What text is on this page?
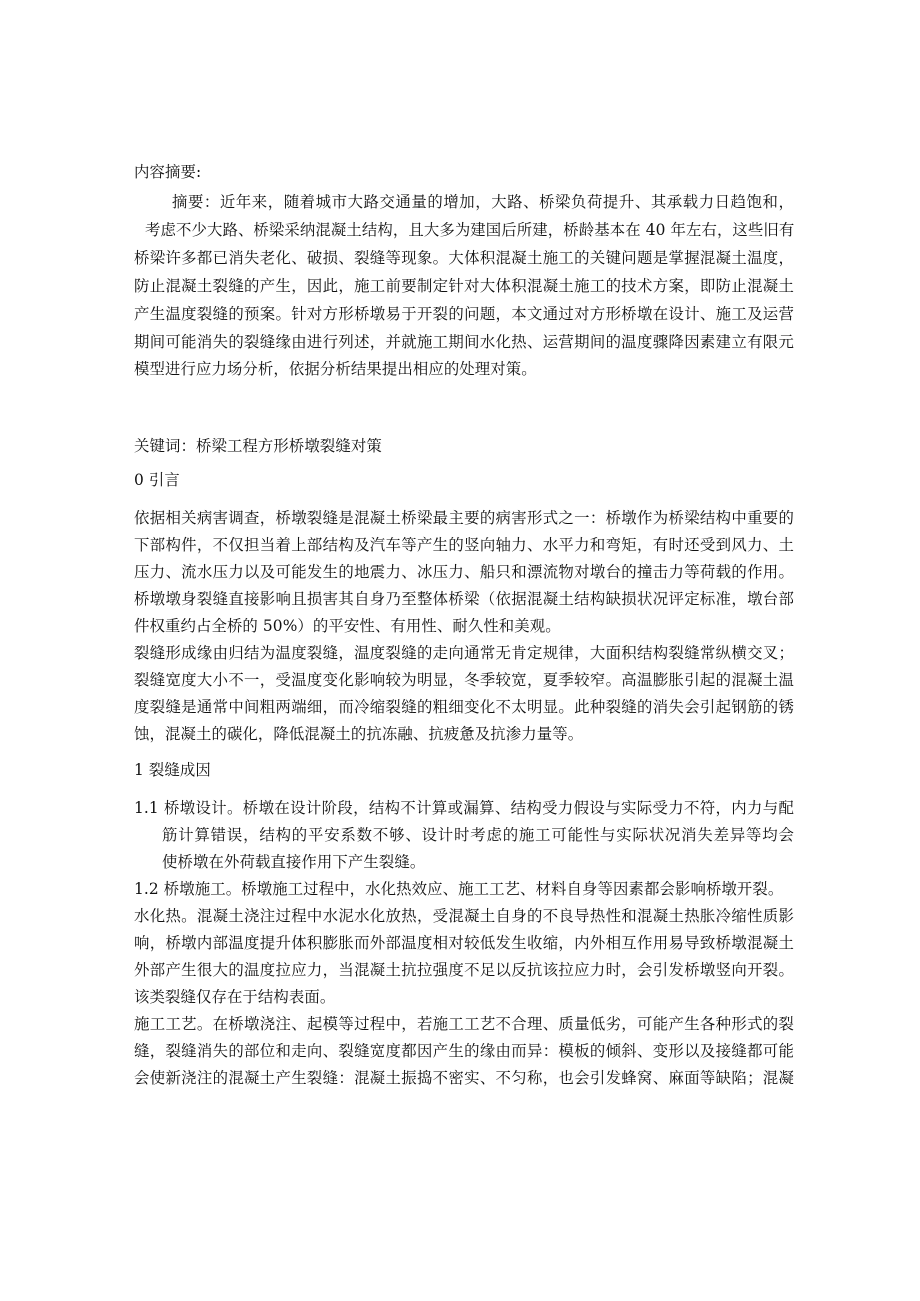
内容摘要:
摘要：近年来，随着城市大路交通量的增加，大路、桥梁负荷提升、其承载力日趋饱和，
考虑不少大路、桥梁采纳混凝土结构，且大多为建国后所建，桥龄基本在 40 年左右，这些旧有
桥梁许多都已消失老化、破损、裂缝等现象。大体积混凝土施工的关键问题是掌握混凝土温度，
防止混凝土裂缝的产生，因此，施工前要制定针对大体积混凝土施工的技术方案，即防止混凝土
产生温度裂缝的预案。针对方形桥墩易于开裂的问题，本文通过对方形桥墩在设计、施工及运营
期间可能消失的裂缝缘由进行列述，并就施工期间水化热、运营期间的温度骤降因素建立有限元
模型进行应力场分析，依据分析结果提出相应的处理对策。
关键词：桥梁工程方形桥墩裂缝对策
0 引言
依据相关病害调查，桥墩裂缝是混凝土桥梁最主要的病害形式之一：桥墩作为桥梁结构中重要的
下部构件，不仅担当着上部结构及汽车等产生的竖向轴力、水平力和弯矩，有时还受到风力、土
压力、流水压力以及可能发生的地震力、冰压力、船只和漂流物对墩台的撞击力等荷载的作用。
桥墩墩身裂缝直接影响且损害其自身乃至整体桥梁（依据混凝土结构缺损状况评定标准，墩台部
件权重约占全桥的 50%）的平安性、有用性、耐久性和美观。
裂缝形成缘由归结为温度裂缝，温度裂缝的走向通常无肯定规律，大面积结构裂缝常纵横交叉；
裂缝宽度大小不一，受温度变化影响较为明显，冬季较宽，夏季较窄。高温膨胀引起的混凝土温
度裂缝是通常中间粗两端细，而冷缩裂缝的粗细变化不太明显。此种裂缝的消失会引起钢筋的锈
蚀，混凝土的碳化，降低混凝土的抗冻融、抗疲惫及抗渗力量等。
1 裂缝成因
1.1 桥墩设计。桥墩在设计阶段，结构不计算或漏算、结构受力假设与实际受力不符，内力与配
筋计算错误，结构的平安系数不够、设计时考虑的施工可能性与实际状况消失差异等均会
使桥墩在外荷载直接作用下产生裂缝。
1.2 桥墩施工。桥墩施工过程中，水化热效应、施工工艺、材料自身等因素都会影响桥墩开裂。
水化热。混凝土浇注过程中水泥水化放热，受混凝土自身的不良导热性和混凝土热胀冷缩性质影
响，桥墩内部温度提升体积膨胀而外部温度相对较低发生收缩，内外相互作用易导致桥墩混凝土
外部产生很大的温度拉应力，当混凝土抗拉强度不足以反抗该拉应力时，会引发桥墩竖向开裂。
该类裂缝仅存在于结构表面。
施工工艺。在桥墩浇注、起模等过程中，若施工工艺不合理、质量低劣，可能产生各种形式的裂
缝，裂缝消失的部位和走向、裂缝宽度都因产生的缘由而异：模板的倾斜、变形以及接缝都可能
会使新浇注的混凝土产生裂缝：混凝土振捣不密实、不匀称，也会引发蜂窝、麻面等缺陷；混凝
